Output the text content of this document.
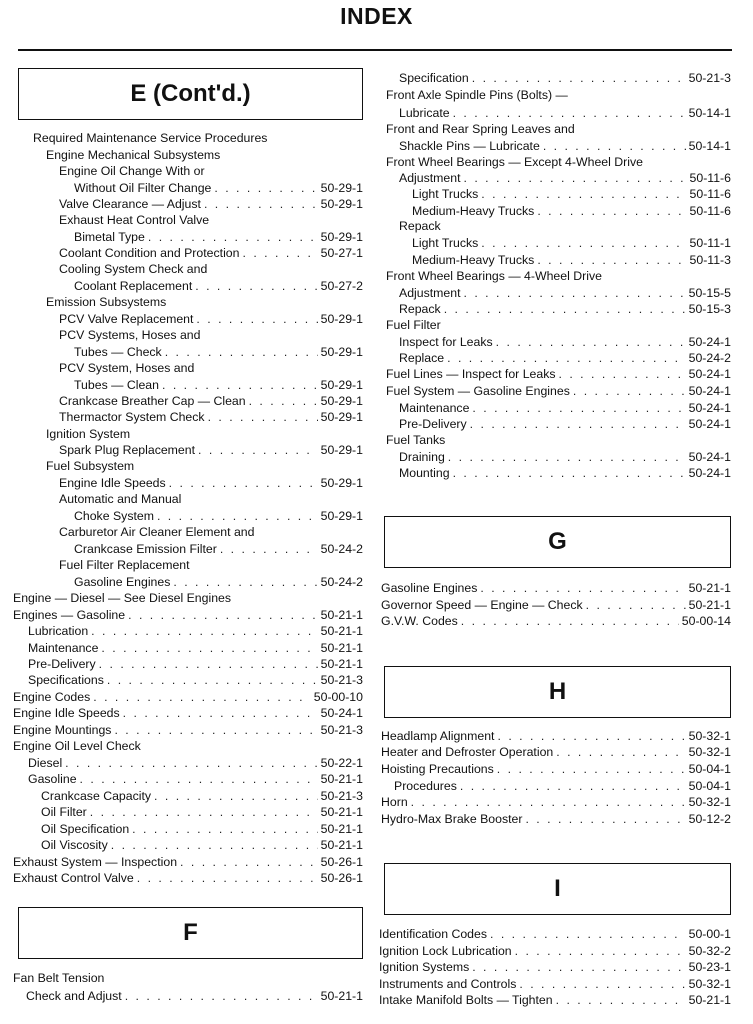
INDEX
E (Cont'd.)
Required Maintenance Service Procedures
Engine Mechanical Subsystems
Engine Oil Change With or
Without Oil Filter Change . . .	50-29-1
Valve Clearance — Adjust . . .	50-29-1
Exhaust Heat Control Valve
Bimetal Type . . .	50-29-1
Coolant Condition and Protection . . .	50-27-1
Cooling System Check and
Coolant Replacement . . .	50-27-2
Emission Subsystems
PCV Valve Replacement . . .	50-29-1
PCV Systems, Hoses and
Tubes — Check . . .	50-29-1
PCV System, Hoses and
Tubes — Clean . . .	50-29-1
Crankcase Breather Cap — Clean . . .	50-29-1
Thermactor System Check . . .	50-29-1
Ignition System
Spark Plug Replacement . . .	50-29-1
Fuel Subsystem
Engine Idle Speeds . . .	50-29-1
Automatic and Manual
Choke System . . .	50-29-1
Carburetor Air Cleaner Element and
Crankcase Emission Filter . . .	50-24-2
Fuel Filter Replacement
Gasoline Engines . . .	50-24-2
Engine — Diesel — See Diesel Engines
Engines — Gasoline . . .	50-21-1
Lubrication . . .	50-21-1
Maintenance . . .	50-21-1
Pre-Delivery . . .	50-21-1
Specifications . . .	50-21-3
Engine Codes . . .	50-00-10
Engine Idle Speeds . . .	50-24-1
Engine Mountings . . .	50-21-3
Engine Oil Level Check
Diesel . . .	50-22-1
Gasoline . . .	50-21-1
Crankcase Capacity . . .	50-21-3
Oil Filter . . .	50-21-1
Oil Specification . . .	50-21-1
Oil Viscosity . . .	50-21-1
Exhaust System — Inspection . . .	50-26-1
Exhaust Control Valve . . .	50-26-1
F
Fan Belt Tension
Check and Adjust . . .	50-21-1
Specification . . .	50-21-3
Front Axle Spindle Pins (Bolts) —
Lubricate . . .	50-14-1
Front and Rear Spring Leaves and
Shackle Pins — Lubricate . . .	50-14-1
Front Wheel Bearings — Except 4-Wheel Drive
Adjustment . . .	50-11-6
Light Trucks . . .	50-11-6
Medium-Heavy Trucks . . .	50-11-6
Repack
Light Trucks . . .	50-11-1
Medium-Heavy Trucks . . .	50-11-3
Front Wheel Bearings — 4-Wheel Drive
Adjustment . . .	50-15-5
Repack . . .	50-15-3
Fuel Filter
Inspect for Leaks . . .	50-24-1
Replace . . .	50-24-2
Fuel Lines — Inspect for Leaks . . .	50-24-1
Fuel System — Gasoline Engines . . .	50-24-1
Maintenance . . .	50-24-1
Pre-Delivery . . .	50-24-1
Fuel Tanks
Draining . . .	50-24-1
Mounting . . .	50-24-1
G
Gasoline Engines . . .	50-21-1
Governor Speed — Engine — Check . . .	50-21-1
G.V.W. Codes . . .	50-00-14
H
Headlamp Alignment . . .	50-32-1
Heater and Defroster Operation . . .	50-32-1
Hoisting Precautions . . .	50-04-1
Procedures . . .	50-04-1
Horn . . .	50-32-1
Hydro-Max Brake Booster . . .	50-12-2
I
Identification Codes . . .	50-00-1
Ignition Lock Lubrication . . .	50-32-2
Ignition Systems . . .	50-23-1
Instruments and Controls . . .	50-32-1
Intake Manifold Bolts — Tighten . . .	50-21-1
